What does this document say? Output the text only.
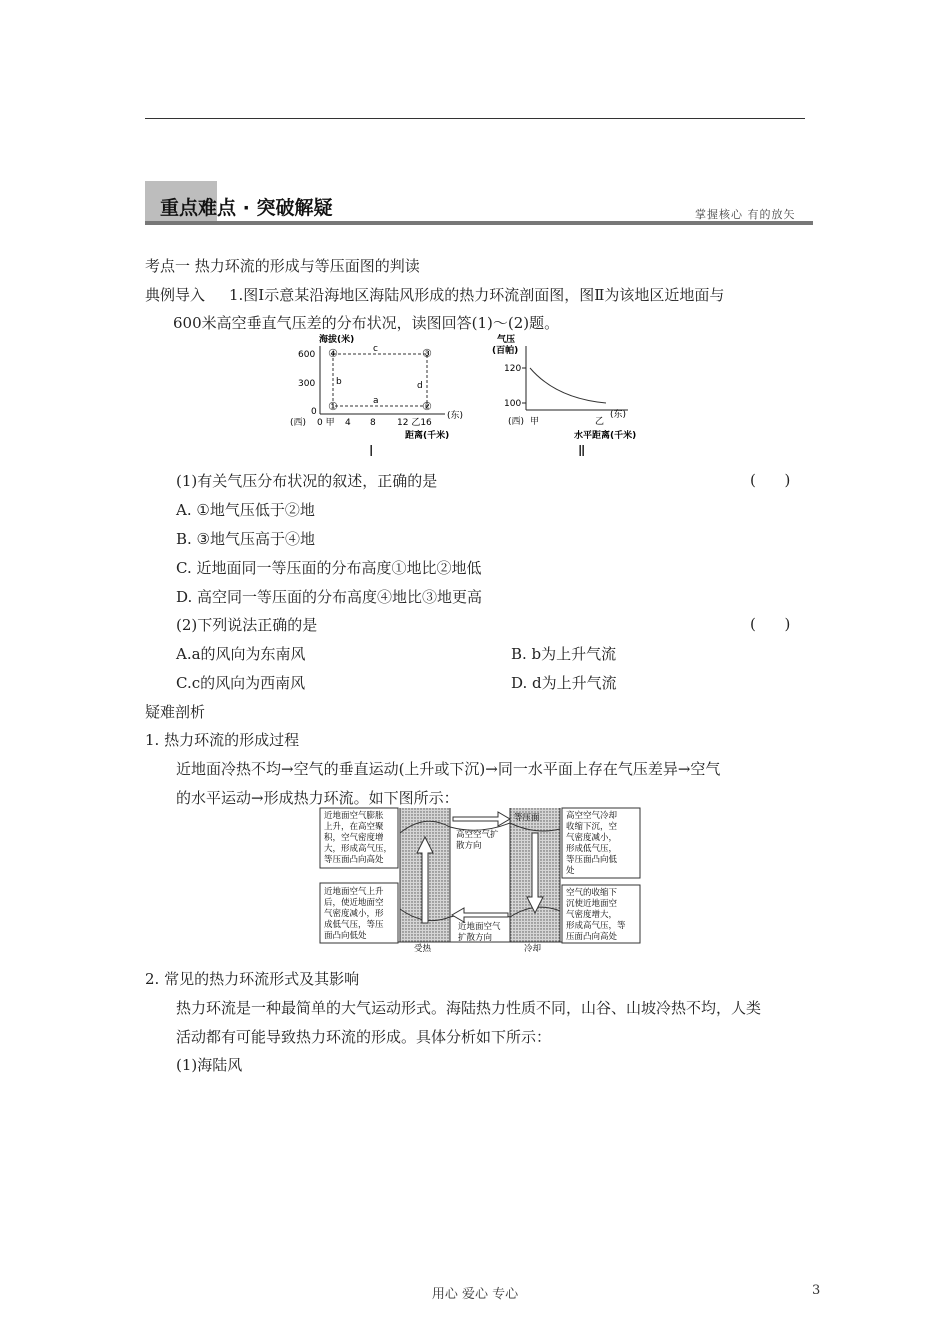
重点难点 · 突破解疑	掌握核心 有的放矢
考点一 热力环流的形成与等压面图的判读
典例导入 1.图Ⅰ示意某沿海地区海陆风形成的热力环流剖面图，图Ⅱ为该地区近地面与
600米高空垂直气压差的分布状况，读图回答(1)～(2)题。
海拔(米)
600
300
0
④	③
①	②
c
a
b	d
(西) 0 甲 4 8 12 乙16
(东)
距离(千米)
Ⅰ
气压
(百帕)
120
100
(西) 甲	乙
(东)
水平距离(千米)
Ⅱ
(1)有关气压分布状况的叙述，正确的是	(      )
A. ①地气压低于②地
B. ③地气压高于④地
C. 近地面同一等压面的分布高度①地比②地低
D. 高空同一等压面的分布高度④地比③地更高
(2)下列说法正确的是	(      )
A.a的风向为东南风	B. b为上升气流
C.c的风向为西南风	D. d为上升气流
疑难剖析
1. 热力环流的形成过程
近地面冷热不均→空气的垂直运动(上升或下沉)→同一水平面上存在气压差异→空气
的水平运动→形成热力环流。如下图所示：
近地面空气膨胀
上升，在高空聚
积，空气密度增
大，形成高气压，
等压面凸向高处
近地面空气上升
后，使近地面空
气密度减小，形
成低气压，等压
面凸向低处
高空空气冷却
收缩下沉，空
气密度减小，
形成低气压，
等压面凸向低
处
空气的收缩下
沉使近地面空
气密度增大，
形成高气压，等
压面凸向高处
高空空气扩
散方向
等压面
近地面空气
扩散方向
受热	冷却
2. 常见的热力环流形式及其影响
热力环流是一种最简单的大气运动形式。海陆热力性质不同，山谷、山坡冷热不均，人类
活动都有可能导致热力环流的形成。具体分析如下所示：
(1)海陆风
用心 爱心 专心	3
